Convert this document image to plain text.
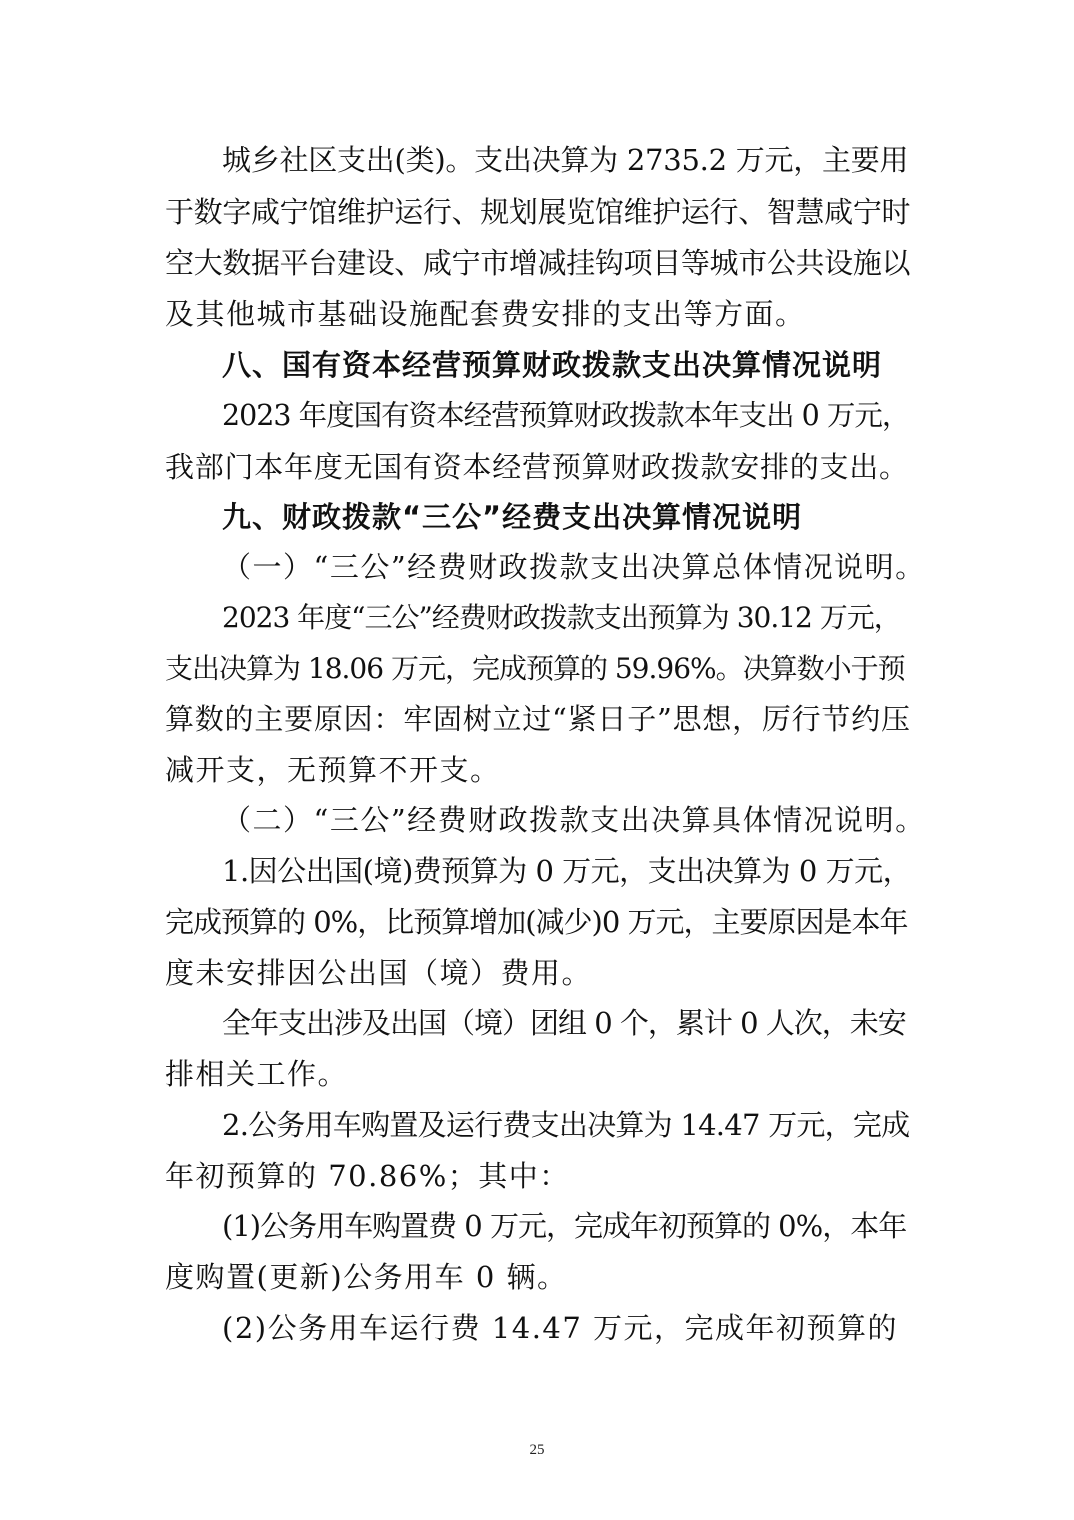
城乡社区支出(类)。支出决算为 2735.2 万元，主要用
于数字咸宁馆维护运行、规划展览馆维护运行、智慧咸宁时
空大数据平台建设、咸宁市增减挂钩项目等城市公共设施以
及其他城市基础设施配套费安排的支出等方面。
八、国有资本经营预算财政拨款支出决算情况说明
2023 年度国有资本经营预算财政拨款本年支出 0 万元，
我部门本年度无国有资本经营预算财政拨款安排的支出。
九、财政拨款“三公”经费支出决算情况说明
（一）“三公”经费财政拨款支出决算总体情况说明。
2023 年度“三公”经费财政拨款支出预算为 30.12 万元，
支出决算为 18.06 万元，完成预算的 59.96%。决算数小于预
算数的主要原因：牢固树立过“紧日子”思想，厉行节约压
减开支，无预算不开支。
（二）“三公”经费财政拨款支出决算具体情况说明。
1.因公出国(境)费预算为 0 万元，支出决算为 0 万元，
完成预算的 0%，比预算增加(减少)0 万元，主要原因是本年
度未安排因公出国（境）费用。
全年支出涉及出国（境）团组 0 个，累计 0 人次，未安
排相关工作。
2.公务用车购置及运行费支出决算为 14.47 万元，完成
年初预算的 70.86%；其中：
(1)公务用车购置费 0 万元，完成年初预算的 0%，本年
度购置(更新)公务用车 0 辆。
(2)公务用车运行费 14.47 万元，完成年初预算的
25
